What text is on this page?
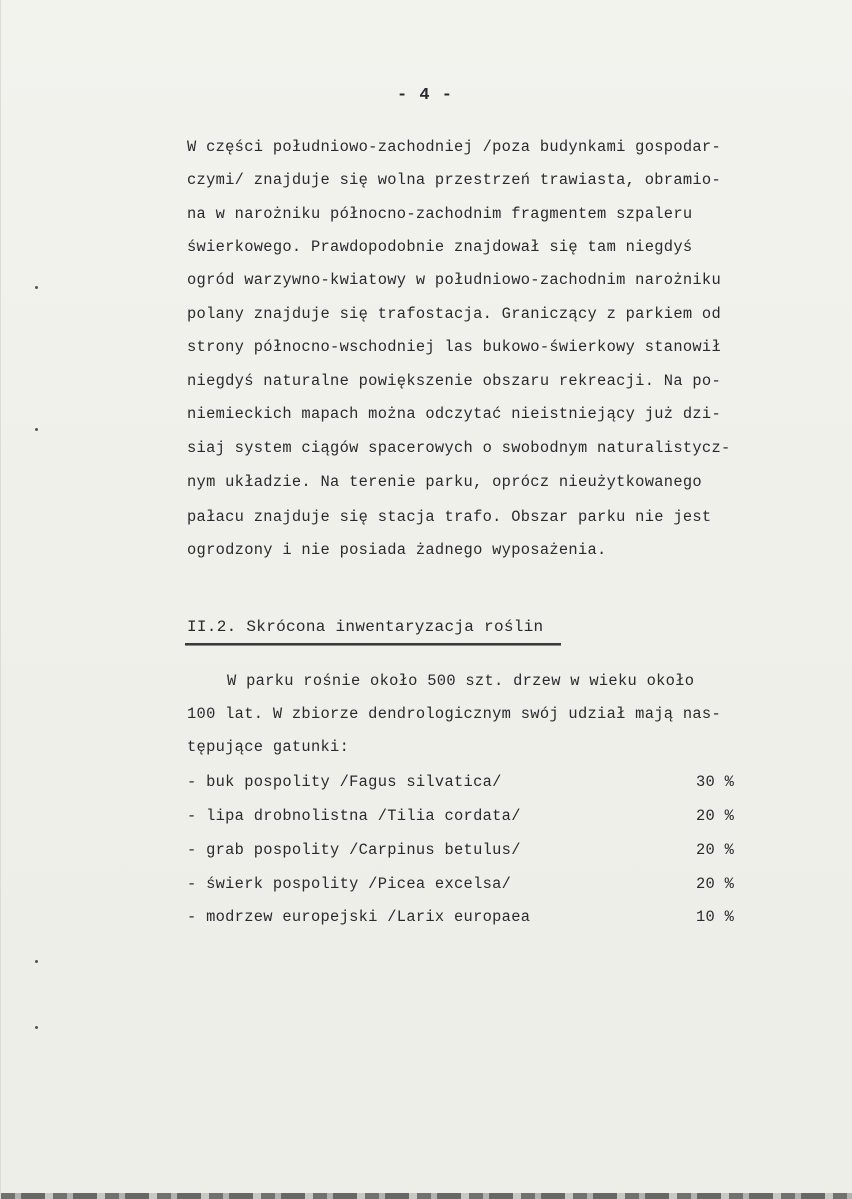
- 4 -
W części południowo-zachodniej /poza budynkami gospodar-
czymi/ znajduje się wolna przestrzeń trawiasta, obramio-
na w narożniku północno-zachodnim fragmentem szpaleru
świerkowego. Prawdopodobnie znajdował się tam niegdyś
ogród warzywno-kwiatowy w południowo-zachodnim narożniku
polany znajduje się trafostacja. Graniczący z parkiem od
strony północno-wschodniej las bukowo-świerkowy stanowił
niegdyś naturalne powiększenie obszaru rekreacji. Na po-
niemieckich mapach można odczytać nieistniejący już dzi-
siaj system ciągów spacerowych o swobodnym naturalistycz-
nym układzie. Na terenie parku, oprócz nieużytkowanego
pałacu znajduje się stacja trafo. Obszar parku nie jest
ogrodzony i nie posiada żadnego wyposażenia.
II.2. Skrócona inwentaryzacja roślin
W parku rośnie około 500 szt. drzew w wieku około
100 lat. W zbiorze dendrologicznym swój udział mają nas-
tępujące gatunki:
- buk pospolity /Fagus silvatica/	30 %
- lipa drobnolistna /Tilia cordata/	20 %
- grab pospolity /Carpinus betulus/	20 %
- świerk pospolity /Picea excelsa/	20 %
- modrzew europejski /Larix europaea	10 %
